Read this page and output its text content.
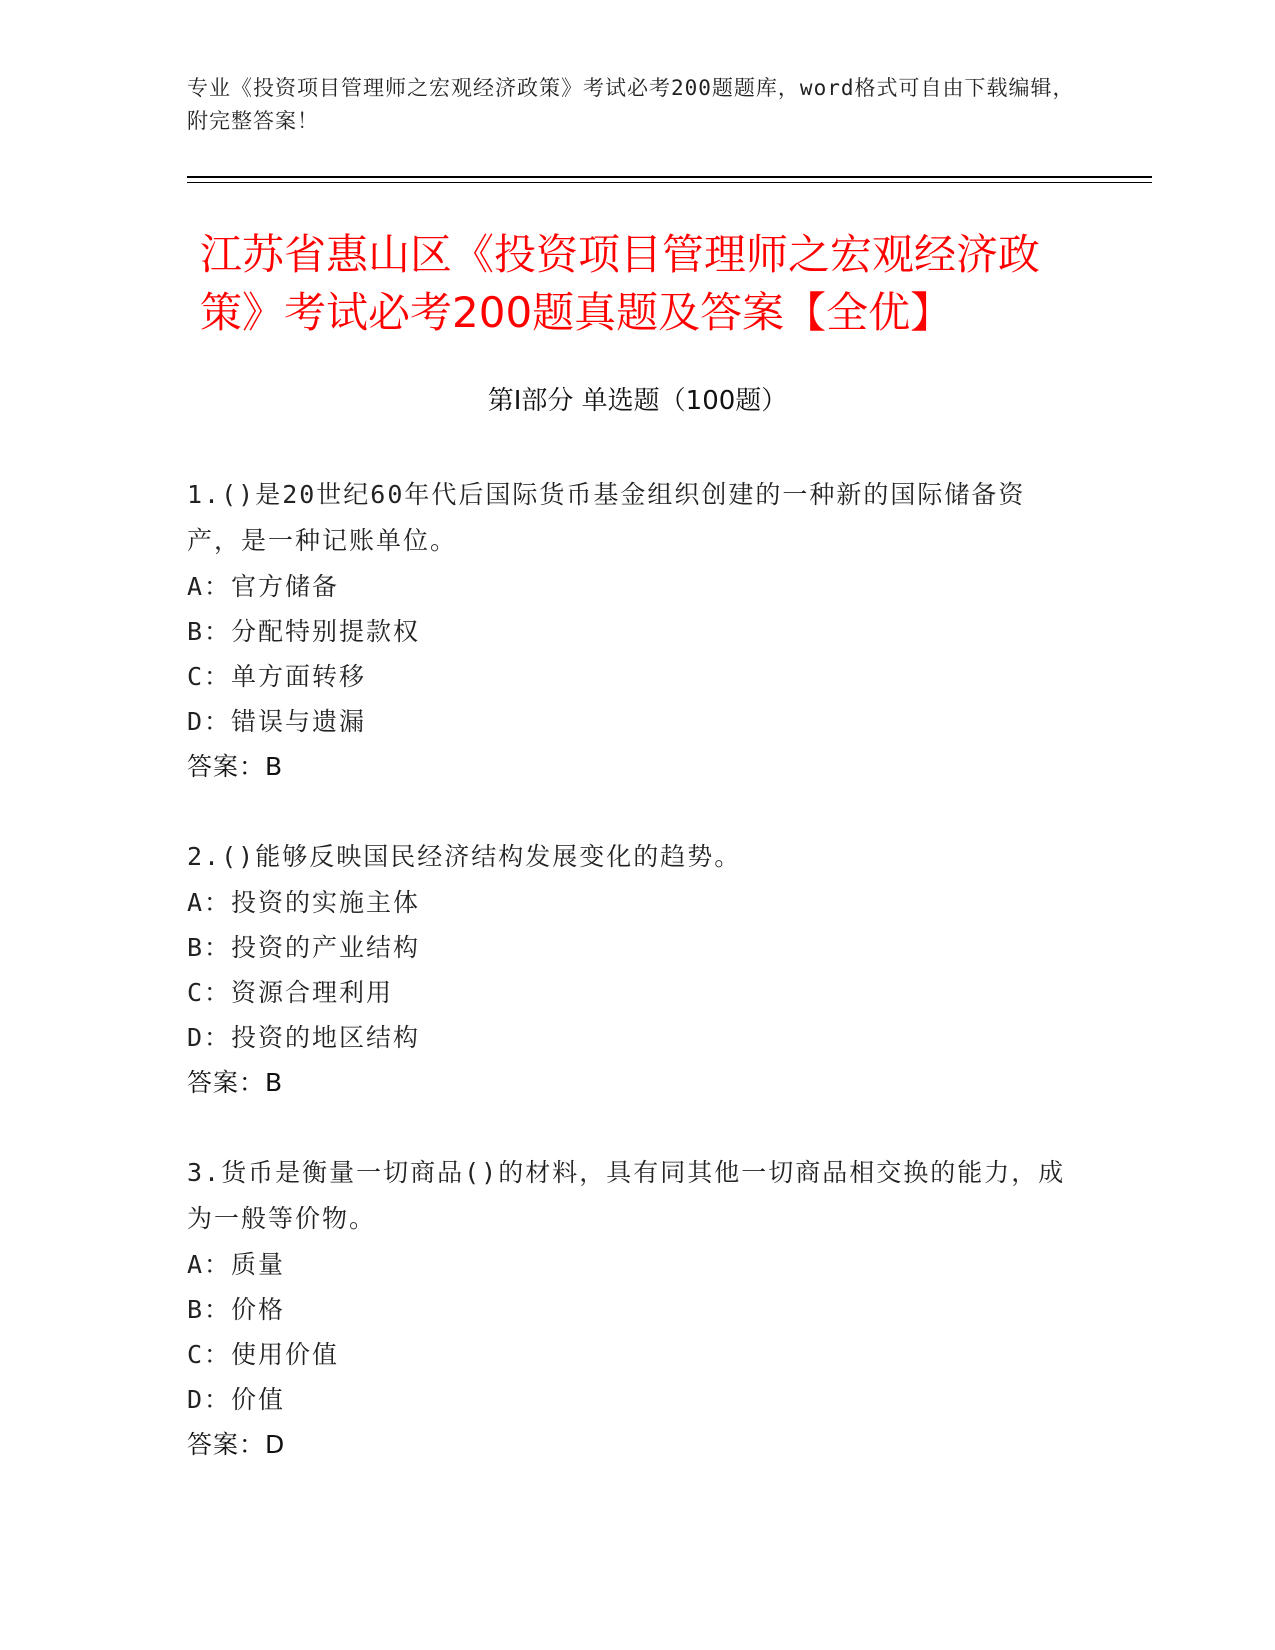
专业《投资项目管理师之宏观经济政策》考试必考200题题库，word格式可自由下载编辑，附完整答案！
江苏省惠山区《投资项目管理师之宏观经济政策》考试必考200题真题及答案【全优】
第I部分 单选题（100题）
1.()是20世纪60年代后国际货币基金组织创建的一种新的国际储备资产，是一种记账单位。
A：官方储备
B：分配特别提款权
C：单方面转移
D：错误与遗漏
答案：B
2.()能够反映国民经济结构发展变化的趋势。
A：投资的实施主体
B：投资的产业结构
C：资源合理利用
D：投资的地区结构
答案：B
3.货币是衡量一切商品()的材料，具有同其他一切商品相交换的能力，成为一般等价物。
A：质量
B：价格
C：使用价值
D：价值
答案：D
